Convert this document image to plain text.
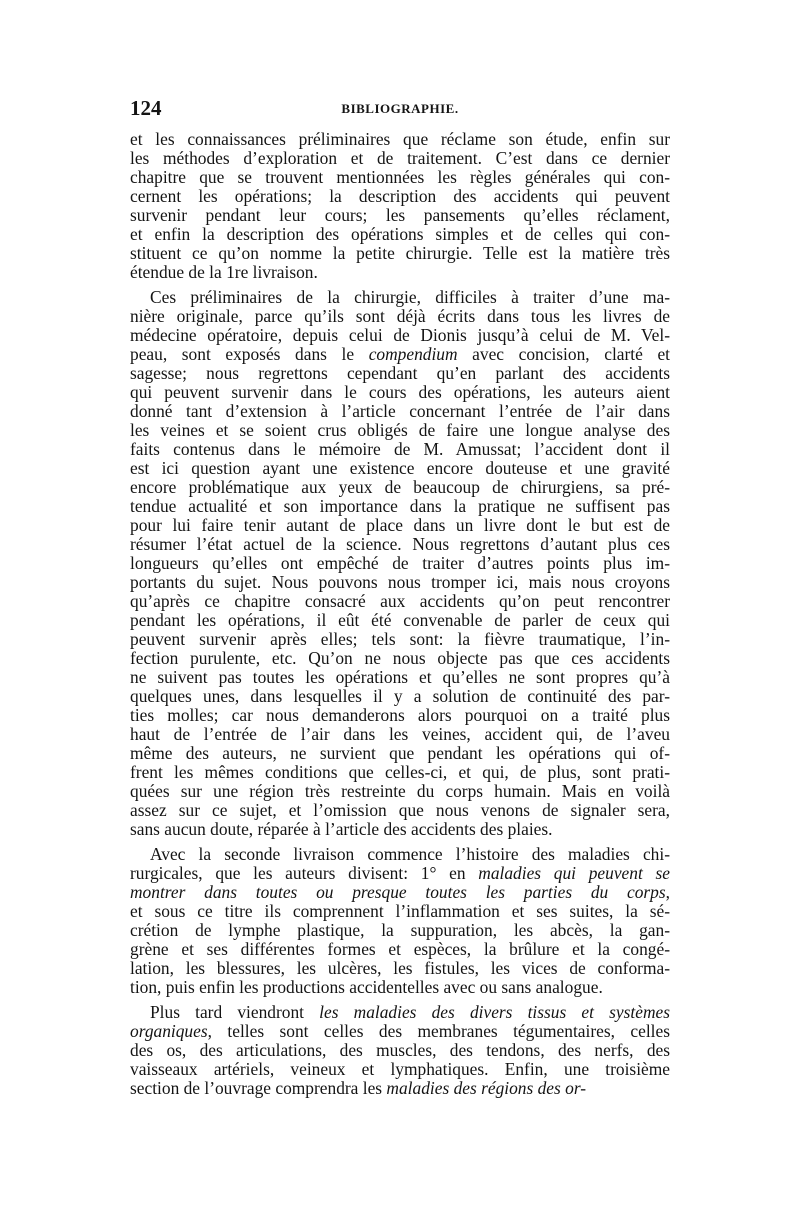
124	BIBLIOGRAPHIE.
et les connaissances préliminaires que réclame son étude, enfin sur
les méthodes d’exploration et de traitement. C’est dans ce dernier
chapitre que se trouvent mentionnées les règles générales qui con-
cernent les opérations; la description des accidents qui peuvent
survenir pendant leur cours; les pansements qu’elles réclament,
et enfin la description des opérations simples et de celles qui con-
stituent ce qu’on nomme la petite chirurgie. Telle est la matière très
étendue de la 1re livraison.
Ces préliminaires de la chirurgie, difficiles à traiter d’une ma-
nière originale, parce qu’ils sont déjà écrits dans tous les livres de
médecine opératoire, depuis celui de Dionis jusqu’à celui de M. Vel-
peau, sont exposés dans le compendium avec concision, clarté et
sagesse; nous regrettons cependant qu’en parlant des accidents
qui peuvent survenir dans le cours des opérations, les auteurs aient
donné tant d’extension à l’article concernant l’entrée de l’air dans
les veines et se soient crus obligés de faire une longue analyse des
faits contenus dans le mémoire de M. Amussat; l’accident dont il
est ici question ayant une existence encore douteuse et une gravité
encore problématique aux yeux de beaucoup de chirurgiens, sa pré-
tendue actualité et son importance dans la pratique ne suffisent pas
pour lui faire tenir autant de place dans un livre dont le but est de
résumer l’état actuel de la science. Nous regrettons d’autant plus ces
longueurs qu’elles ont empêché de traiter d’autres points plus im-
portants du sujet. Nous pouvons nous tromper ici, mais nous croyons
qu’après ce chapitre consacré aux accidents qu’on peut rencontrer
pendant les opérations, il eût été convenable de parler de ceux qui
peuvent survenir après elles; tels sont: la fièvre traumatique, l’in-
fection purulente, etc. Qu’on ne nous objecte pas que ces accidents
ne suivent pas toutes les opérations et qu’elles ne sont propres qu’à
quelques unes, dans lesquelles il y a solution de continuité des par-
ties molles; car nous demanderons alors pourquoi on a traité plus
haut de l’entrée de l’air dans les veines, accident qui, de l’aveu
même des auteurs, ne survient que pendant les opérations qui of-
frent les mêmes conditions que celles-ci, et qui, de plus, sont prati-
quées sur une région très restreinte du corps humain. Mais en voilà
assez sur ce sujet, et l’omission que nous venons de signaler sera,
sans aucun doute, réparée à l’article des accidents des plaies.
Avec la seconde livraison commence l’histoire des maladies chi-
rurgicales, que les auteurs divisent: 1° en maladies qui peuvent se
montrer dans toutes ou presque toutes les parties du corps,
et sous ce titre ils comprennent l’inflammation et ses suites, la sé-
crétion de lymphe plastique, la suppuration, les abcès, la gan-
grène et ses différentes formes et espèces, la brûlure et la congé-
lation, les blessures, les ulcères, les fistules, les vices de conforma-
tion, puis enfin les productions accidentelles avec ou sans analogue.
Plus tard viendront les maladies des divers tissus et systèmes
organiques, telles sont celles des membranes tégumentaires, celles
des os, des articulations, des muscles, des tendons, des nerfs, des
vaisseaux artériels, veineux et lymphatiques. Enfin, une troisième
section de l’ouvrage comprendra les maladies des régions des or-
